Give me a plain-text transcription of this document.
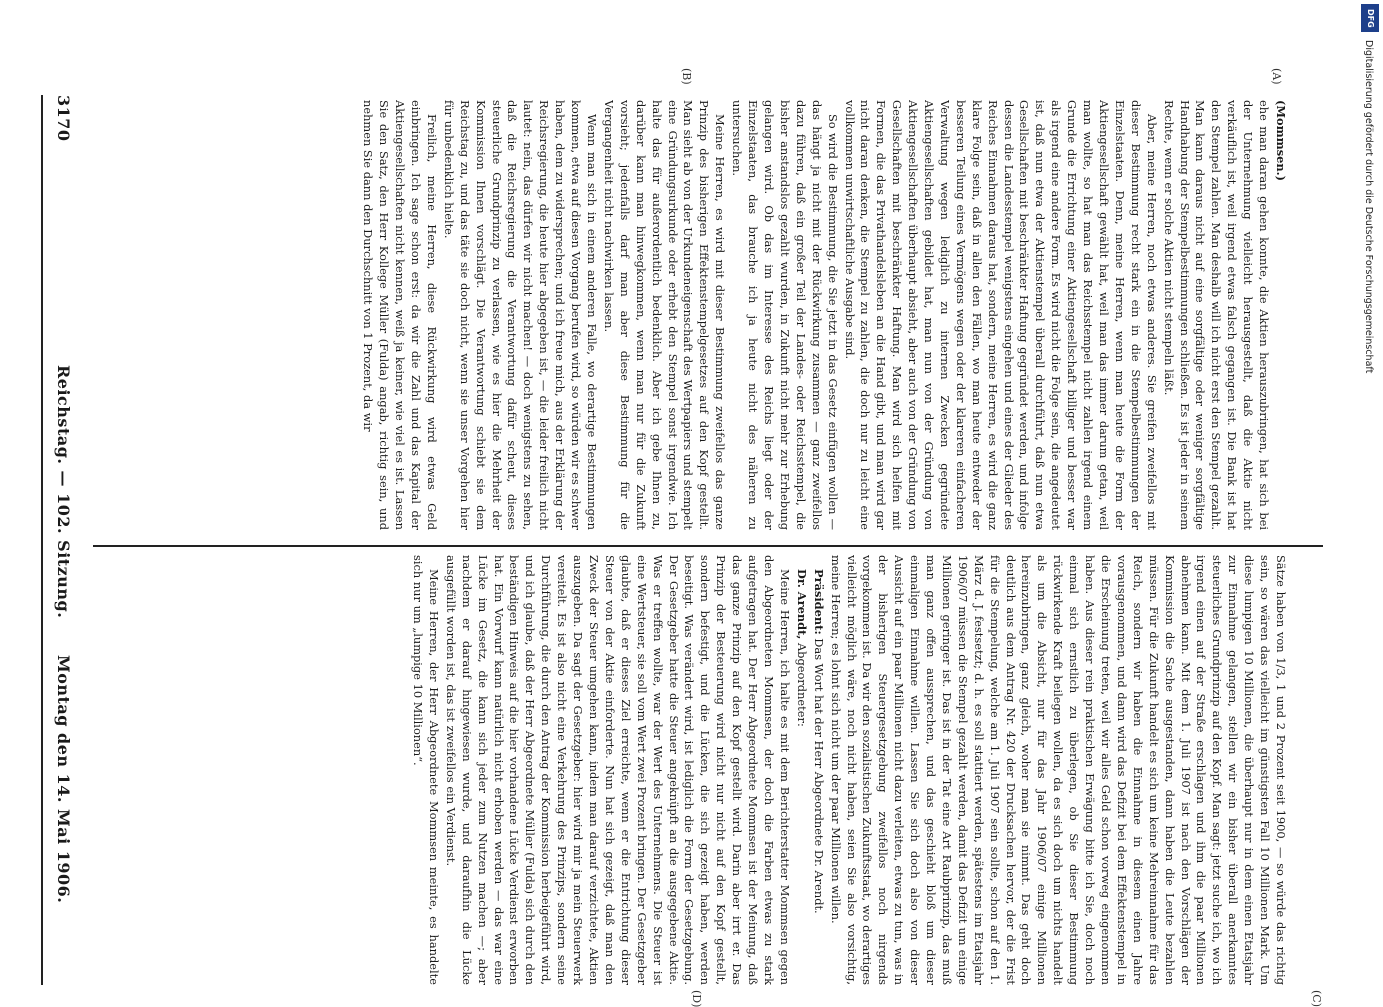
3170
Reichstag. — 102. Sitzung.
Montag den 14. Mai 1906.
(A)
(B)
(C)
(D)

(Mommsen.)

ehe man daran gehen konnte, die Aktien herauszubringen, hat sich bei der Unternehmung vielleicht herausgestellt, daß die Aktie nicht verkäuflich ist, weil irgend etwas falsch gegangen ist. Die Bank ist hat den Stempel zahlen. Man deshalb will ich nicht erst den Stempel gezahlt. Man kann daraus nicht auf eine sorgfältige oder weniger sorgfältige Handhabung der Stempelbestimmungen schließen. Es ist jeder in seinem Rechte, wenn er solche Aktien nicht stempeln läßt.

Aber, meine Herren, noch etwas anderes. Sie greifen zweifellos mit dieser Bestimmung recht stark ein in die Stempelbestimmungen der Einzelstaaten. Denn, meine Herren, wenn man heute die Form der Aktiengesellschaft gewählt hat, weil man das immer darum getan, weil man wollte, so hat man das Reichsstempel nicht zahlen irgend einem Grunde die Errichtung einer Aktiengesellschaft billiger und besser war als irgend eine andere Form. Es wird nicht die Folge sein, die angedeutet ist, daß nun etwa der Aktienstempel überall durchführt, daß nun etwa Gesellschaften mit beschränkter Haftung gegründet werden, und infolge dessen die Landesstempel wenigstens eingehen und eines der Glieder des Reiches Einnahmen daraus hat, sondern, meine Herren, es wird die ganz klare Folge sein, daß in allen den Fällen, wo man heute entweder der besseren Teilung eines Vermögens wegen oder der klareren einfacheren Verwaltung wegen lediglich zu internen Zwecken gegründete Aktiengesellschaften gebildet hat, man nun von der Gründung von Aktiengesellschaften überhaupt absieht, aber auch von der Gründung von Gesellschaften mit beschränkter Haftung. Man wird sich helfen mit Formen, die das Privathandelsleben an die Hand gibt, und man wird gar nicht daran denken, die Stempel zu zahlen, die doch nur zu leicht eine vollkommen unwirtschaftliche Ausgabe sind.

So wird die Bestimmung, die Sie jetzt in das Gesetz einfügen wollen — das hängt ja nicht mit der Rückwirkung zusammen — ganz zweifellos dazu führen, daß ein großer Teil der Landes- oder Reichsstempel, die bisher anstandslos gezahlt wurden, in Zukunft nicht mehr zur Erhebung gelangen wird. Ob das im Interesse des Reichs liegt oder der Einzelstaaten, das brauche ich ja heute nicht des näheren zu untersuchen.

Meine Herren, es wird mit dieser Bestimmung zweifellos das ganze Prinzip des bisherigen Effektenstempelgesetzes auf den Kopf gestellt. Man sieht ab von der Urkundeneigenschaft des Wertpapiers und stempelt eine Gründungsurkunde oder erhebt den Stempel sonst irgendwie. Ich halte das für außerordentlich bedenklich. Aber ich gebe Ihnen zu, darüber kann man hinwegkommen, wenn man nur für die Zukunft vorsieht; jedenfalls darf man aber diese Bestimmung für die Vergangenheit nicht nachwirken lassen.

Wenn man sich in einem anderen Falle, wo derartige Bestimmungen kommen, etwa auf diesen Vorgang berufen wird, so würden wir es schwer haben, dem zu widersprechen; und ich freue mich, aus der Erklärung der Reichsregierung, die heute hier abgegeben ist, — die leider freilich nicht lautet: nein, das dürfen wir nicht machen! — doch wenigstens zu sehen, daß die Reichsregierung die Verantwortung dafür scheut, dieses steuerliche Grundprinzip zu verlassen, wie es hier die Mehrheit der Kommission Ihnen vorschlägt. Die Verantwortung schiebt sie dem Reichstag zu, und das täte sie doch nicht, wenn sie unser Vorgehen hier für unbedenklich hielte.

Freilich, meine Herren, diese Rückwirkung wird etwas Geld einbringen. Ich sage schon erst: da wir die Zahl und das Kapital der Aktiengesellschaften nicht kennen, weiß ja keiner, wie viel es ist. Lassen Sie den Satz, den Herr Kollege Müller (Fulda) angab, richtig sein, und nehmen Sie dann den Durchschnitt von 1 Prozent, da wir

Sätze haben von 1/3, 1 und 2 Prozent seit 1900, — so würde das richtig sein, so wären das vielleicht im günstigsten Fall 10 Millionen Mark. Um diese lumpigen 10 Millionen, die überhaupt nur in dem einen Etatsjahr zur Einnahme gelangen, stellen wir ein bisher überall anerkanntes steuerliches Grundprinzip auf den Kopf. Man sagt: jetzt suche ich, wo ich irgend einen auf der Straße erschlagen und ihm die paar Millionen abnehmen kann. Mit dem 1. Juli 1907 ist nach den Vorschlägen der Kommission die Sache ausgestanden, dann haben die Leute bezahlen müssen. Für die Zukunft handelt es sich um keine Mehreinnahme für das Reich, sondern wir haben die Einnahme in diesem einen Jahre vorausgenommen, und dann wird das Defizit bei dem Effektenstempel in die Erscheinung treten, weil wir alles Geld schon vorweg eingenommen haben. Aus dieser rein praktischen Erwägung bitte ich Sie, doch noch einmal sich ernstlich zu überlegen, ob Sie dieser Bestimmung rückwirkende Kraft beilegen wollen, da es sich doch um nichts handelt als um die Absicht, nur für das Jahr 1906/07 einige Millionen hereinzubringen, ganz gleich, woher man sie nimmt. Das geht doch deutlich aus dem Antrag Nr. 420 der Drucksachen hervor, der die Frist für die Stempelung, welche am 1. Juli 1907 sein sollte, schon auf den 1. März d. J. festsetzt; d. h. es soll stattiert werden, spätestens im Etatsjahr 1906/07 müssen die Stempel gezahlt werden, damit das Defizit um einige Millionen geringer ist. Das ist in der Tat eine Art Raubprinzip, das muß man ganz offen aussprechen, und das geschieht bloß um dieser einmaligen Einnahme willen. Lassen Sie sich doch also von dieser Aussicht auf ein paar Millionen nicht dazu verleiten, etwas zu tun, was in der bisherigen Steuergesetzgebung zweifellos noch nirgends vorgekommen ist. Da wir den sozialistischen Zukunftsstaat, wo derartiges vielleicht möglich wäre, noch nicht haben, seien Sie also vorsichtig, meine Herren; es lohnt sich nicht um der paar Millionen willen.

Präsident: Das Wort hat der Herr Abgeordnete Dr. Arendt.

Dr. Arendt, Abgeordneter:

Meine Herren, ich halte es mit dem Berichterstatter Mommsen gegen den Abgeordneten Mommsen, der doch die Farben etwas zu stark aufgetragen hat. Der Herr Abgeordnete Mommsen ist der Meinung, daß das ganze Prinzip auf den Kopf gestellt wird. Darin aber irrt er. Das Prinzip der Besteuerung wird nicht nur nicht auf den Kopf gestellt, sondern befestigt, und die Lücken, die sich gezeigt haben, werden beseitigt. Was verändert wird, ist lediglich die Form der Gesetzgebung. Der Gesetzgeber hatte die Steuer angeknüpft an die ausgegebene Aktie. Was er treffen wollte, war der Wert des Unternehmens. Die Steuer ist eine Wertsteuer, sie soll vom Wert zwei Prozent bringen. Der Gesetzgeber glaubte, daß er dieses Ziel erreichte, wenn er die Entrichtung dieser Steuer von der Aktie einforderte. Nun hat sich gezeigt, daß man den Zweck der Steuer umgehen kann, indem man darauf verzichtete, Aktien auszugeben. Da sagt der Gesetzgeber: hier wird mir ja mein Steuerwerk vereitelt. Es ist also nicht eine Verkehrung des Prinzips, sondern seine Durchführung, die durch den Antrag der Kommission herbeigeführt wird, und ich glaube, daß der Herr Abgeordnete Müller (Fulda) sich durch den beständigen Hinweis auf die hier vorhandene Lücke Verdienst erworben hat. Ein Vorwurf kann natürlich nicht erhoben werden — das war eine Lücke im Gesetz, die kann sich jeder zum Nutzen machen —; aber nachdem er darauf hingewiesen wurde, und daraufhin die Lücke ausgefüllt worden ist, das ist zweifellos ein Verdienst.

Meine Herren, der Herr Abgeordnete Mommsen meinte, es handelte sich nur um „lumpige 10 Millionen“.

DFG
Digitalisierung gefördert durch die Deutsche Forschungsgemeinschaft
